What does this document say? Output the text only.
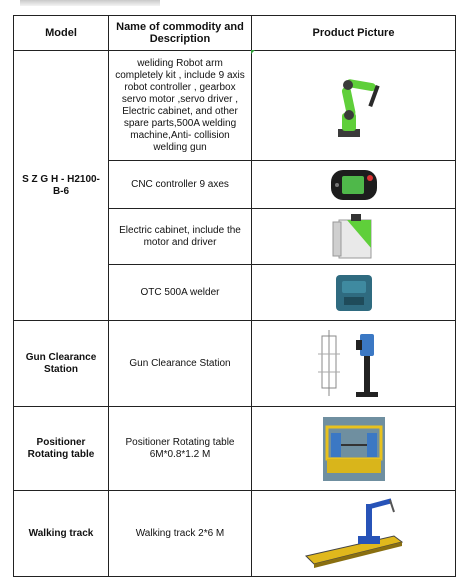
Model	Name of commodity and Description	Product Picture
S Z G H - H2100-B-6	weliding Robot arm completely kit , include 9 axis robot controller , gearbox servo motor ,servo driver , Electric cabinet, and other spare parts,500A welding machine,Anti- collision welding gun	

	CNC controller 9 axes	

	Electric cabinet, include the motor and driver	

	OTC 500A welder	

Gun Clearance Station	Gun Clearance Station	

Positioner Rotating table	Positioner Rotating table 6M*0.8*1.2 M	

Walking track	Walking track 2*6 M	
